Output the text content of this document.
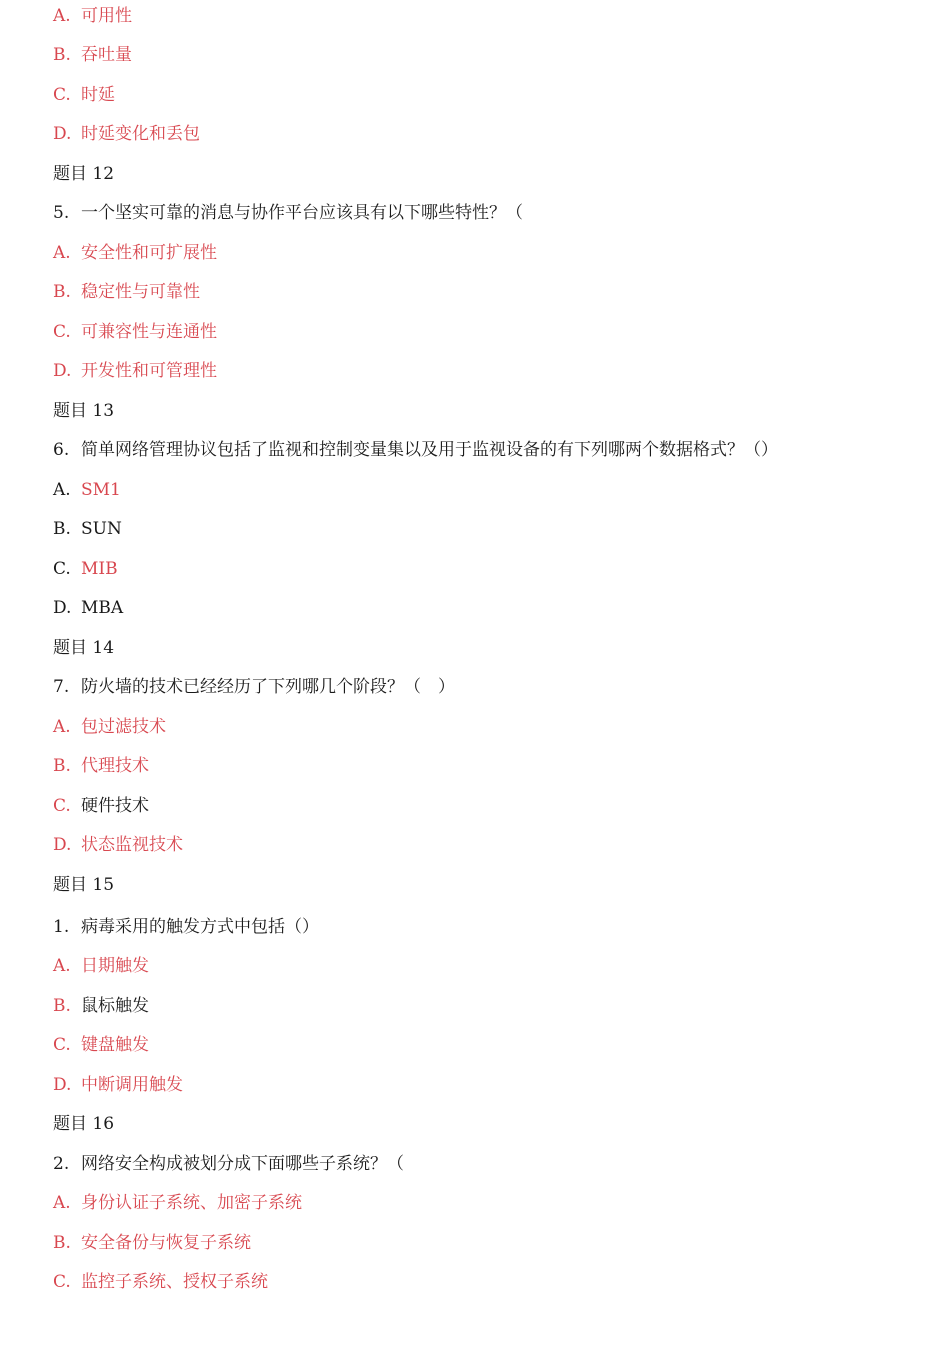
A. 可用性
B. 吞吐量
C. 时延
D. 时延变化和丢包
题目 12
5. 一个坚实可靠的消息与协作平台应该具有以下哪些特性？（
A. 安全性和可扩展性
B. 稳定性与可靠性
C. 可兼容性与连通性
D. 开发性和可管理性
题目 13
6. 简单网络管理协议包括了监视和控制变量集以及用于监视设备的有下列哪两个数据格式？（）
A. SM1
B. SUN
C. MIB
D. MBA
题目 14
7. 防火墙的技术已经经历了下列哪几个阶段？（　）
A. 包过滤技术
B. 代理技术
C. 硬件技术
D. 状态监视技术
题目 15
1. 病毒采用的触发方式中包括（）
A. 日期触发
B. 鼠标触发
C. 键盘触发
D. 中断调用触发
题目 16
2. 网络安全构成被划分成下面哪些子系统？（
A. 身份认证子系统、加密子系统
B. 安全备份与恢复子系统
C. 监控子系统、授权子系统
